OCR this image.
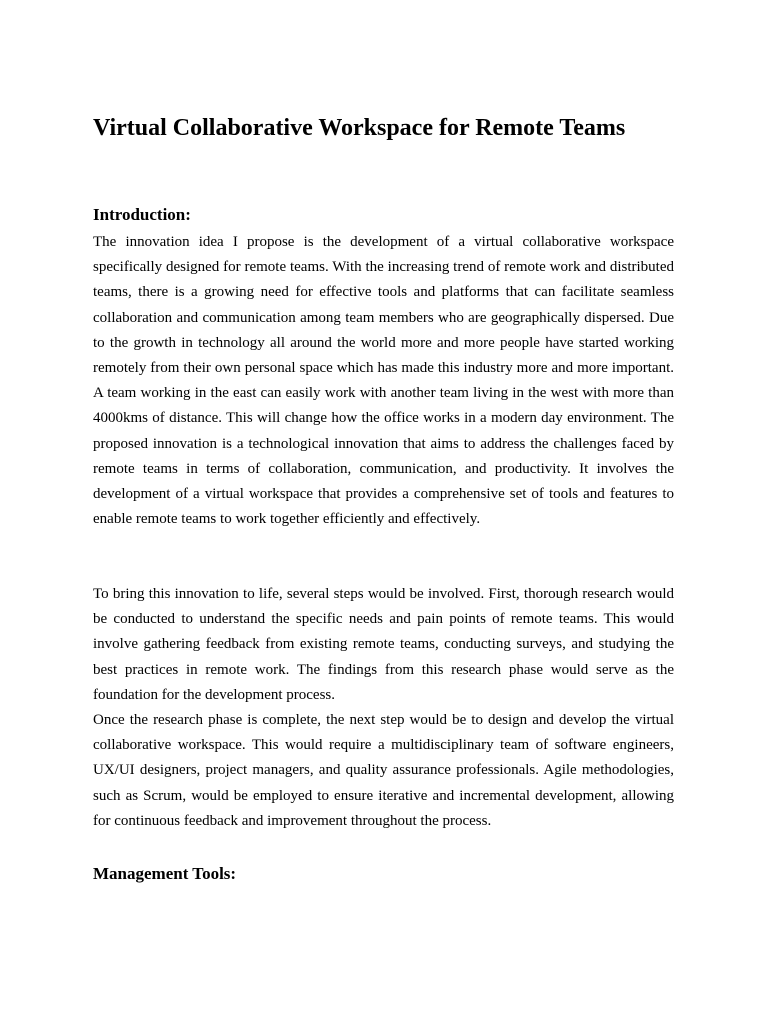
Virtual Collaborative Workspace for Remote Teams
Introduction:

The innovation idea I propose is the development of a virtual collaborative workspace specifically designed for remote teams. With the increasing trend of remote work and distributed teams, there is a growing need for effective tools and platforms that can facilitate seamless collaboration and communication among team members who are geographically dispersed. Due to the growth in technology all around the world more and more people have started working remotely from their own personal space which has made this industry more and more important. A team working in the east can easily work with another team living in the west with more than 4000kms of distance. This will change how the office works in a modern day environment. The proposed innovation is a technological innovation that aims to address the challenges faced by remote teams in terms of collaboration, communication, and productivity. It involves the development of a virtual workspace that provides a comprehensive set of tools and features to enable remote teams to work together efficiently and effectively.

To bring this innovation to life, several steps would be involved. First, thorough research would be conducted to understand the specific needs and pain points of remote teams. This would involve gathering feedback from existing remote teams, conducting surveys, and studying the best practices in remote work. The findings from this research phase would serve as the foundation for the development process.

Once the research phase is complete, the next step would be to design and develop the virtual collaborative workspace. This would require a multidisciplinary team of software engineers, UX/UI designers, project managers, and quality assurance professionals. Agile methodologies, such as Scrum, would be employed to ensure iterative and incremental development, allowing for continuous feedback and improvement throughout the process.

Management Tools:
